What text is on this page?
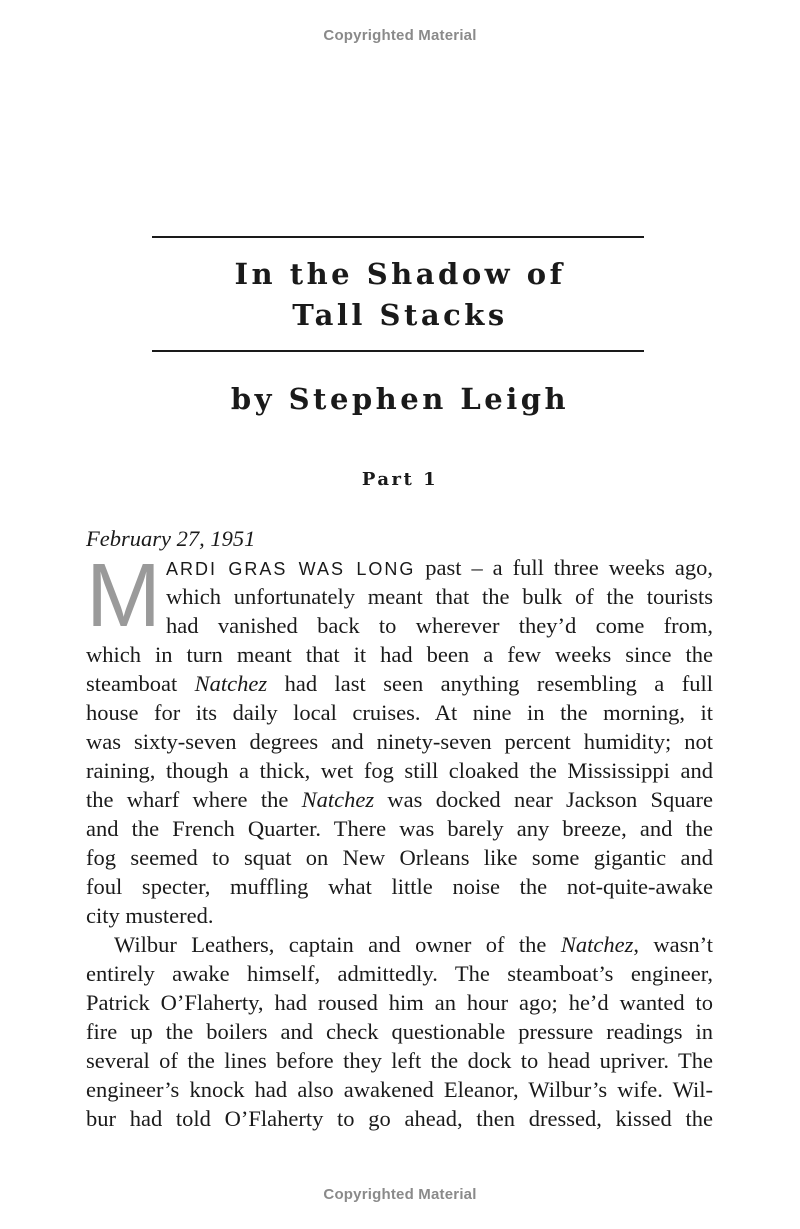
Copyrighted Material
In the Shadow of
Tall Stacks
by Stephen Leigh
Part 1
M
February 27, 1951
ARDI GRAS WAS LONG past – a full three weeks ago,
which unfortunately meant that the bulk of the tourists
had vanished back to wherever they’d come from,
which in turn meant that it had been a few weeks since the
steamboat Natchez had last seen anything resembling a full
house for its daily local cruises. At nine in the morning, it
was sixty-seven degrees and ninety-seven percent humidity; not
raining, though a thick, wet fog still cloaked the Mississippi and
the wharf where the Natchez was docked near Jackson Square
and the French Quarter. There was barely any breeze, and the
fog seemed to squat on New Orleans like some gigantic and
foul specter, muffling what little noise the not-quite-awake
city mustered.
Wilbur Leathers, captain and owner of the Natchez, wasn’t
entirely awake himself, admittedly. The steamboat’s engineer,
Patrick O’Flaherty, had roused him an hour ago; he’d wanted to
fire up the boilers and check questionable pressure readings in
several of the lines before they left the dock to head upriver. The
engineer’s knock had also awakened Eleanor, Wilbur’s wife. Wil-
bur had told O’Flaherty to go ahead, then dressed, kissed the
Copyrighted Material
